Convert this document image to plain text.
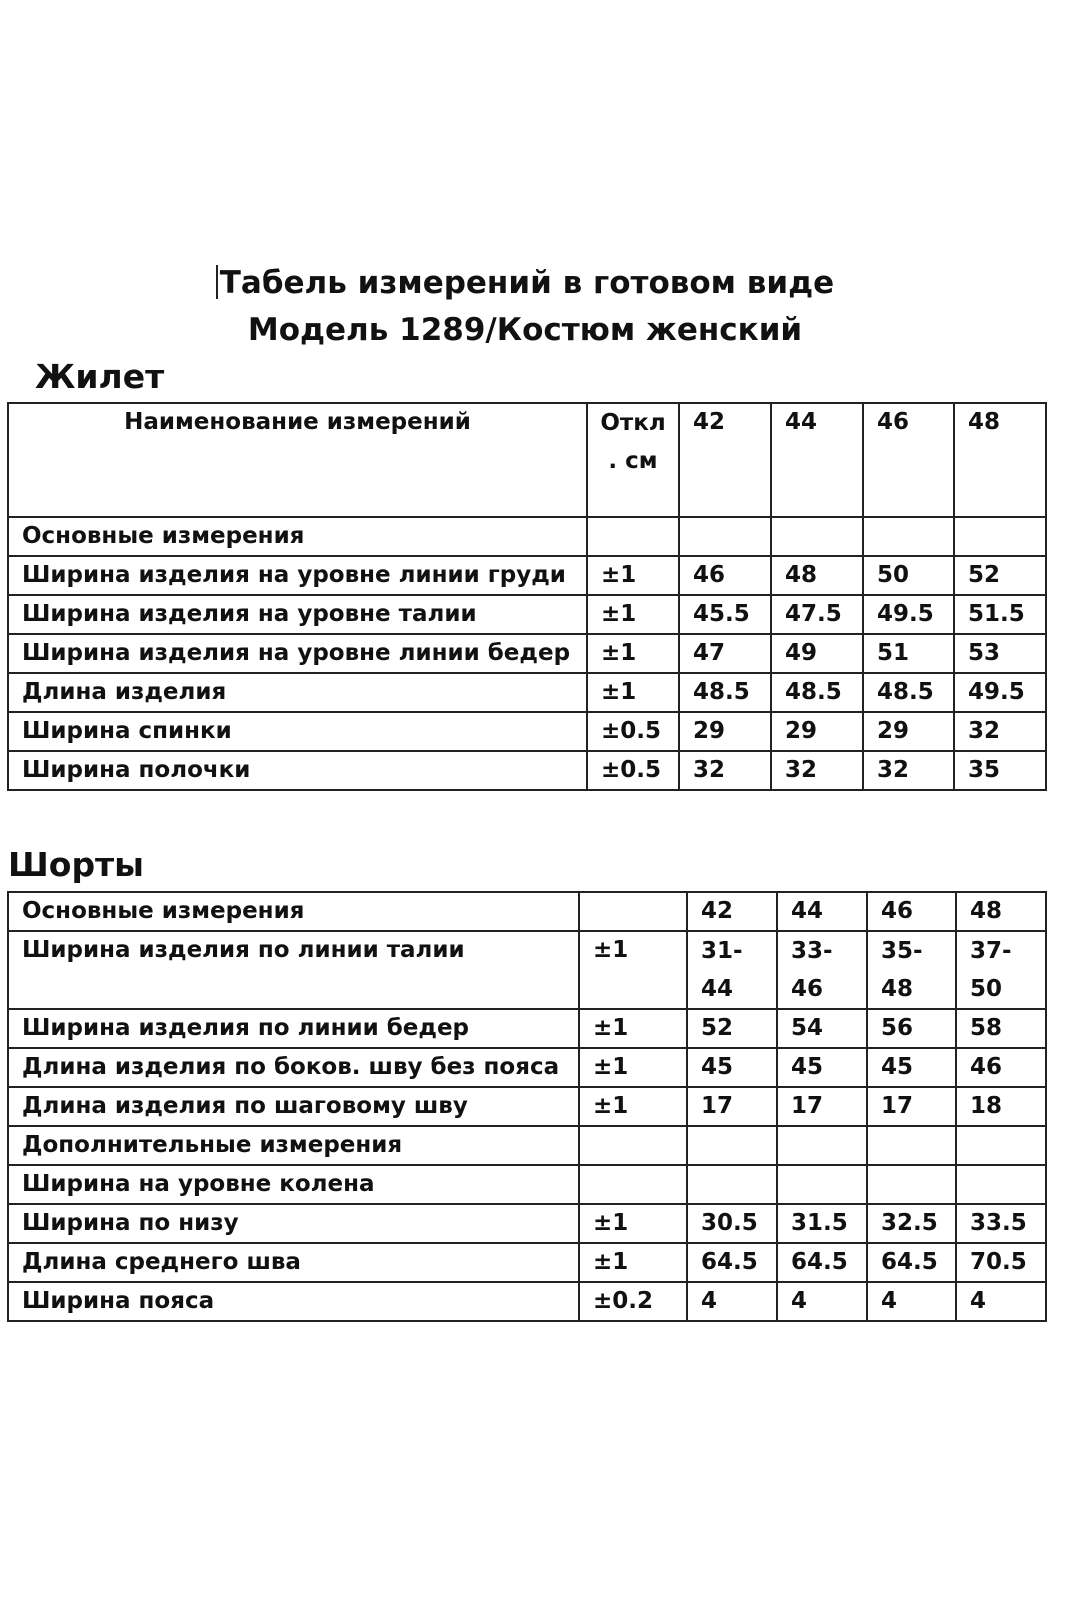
Табель измерений в готовом виде
Модель 1289/Костюм женский
Жилет
Наименование измерений	Откл . см	42	44	46	48
Основные измерения					
Ширина изделия на уровне линии груди	±1	46	48	50	52
Ширина изделия на уровне талии	±1	45.5	47.5	49.5	51.5
Ширина изделия на уровне линии бедер	±1	47	49	51	53
Длина изделия	±1	48.5	48.5	48.5	49.5
Ширина спинки	±0.5	29	29	29	32
Ширина полочки	±0.5	32	32	32	35
Шорты
Основные измерения		42	44	46	48
Ширина изделия по линии талии	±1	31- 44	33- 46	35- 48	37- 50
Ширина изделия по линии бедер	±1	52	54	56	58
Длина изделия по боков. шву без пояса	±1	45	45	45	46
Длина изделия по шаговому шву	±1	17	17	17	18
Дополнительные измерения					
Ширина на уровне колена					
Ширина по низу	±1	30.5	31.5	32.5	33.5
Длина среднего шва	±1	64.5	64.5	64.5	70.5
Ширина пояса	±0.2	4	4	4	4
